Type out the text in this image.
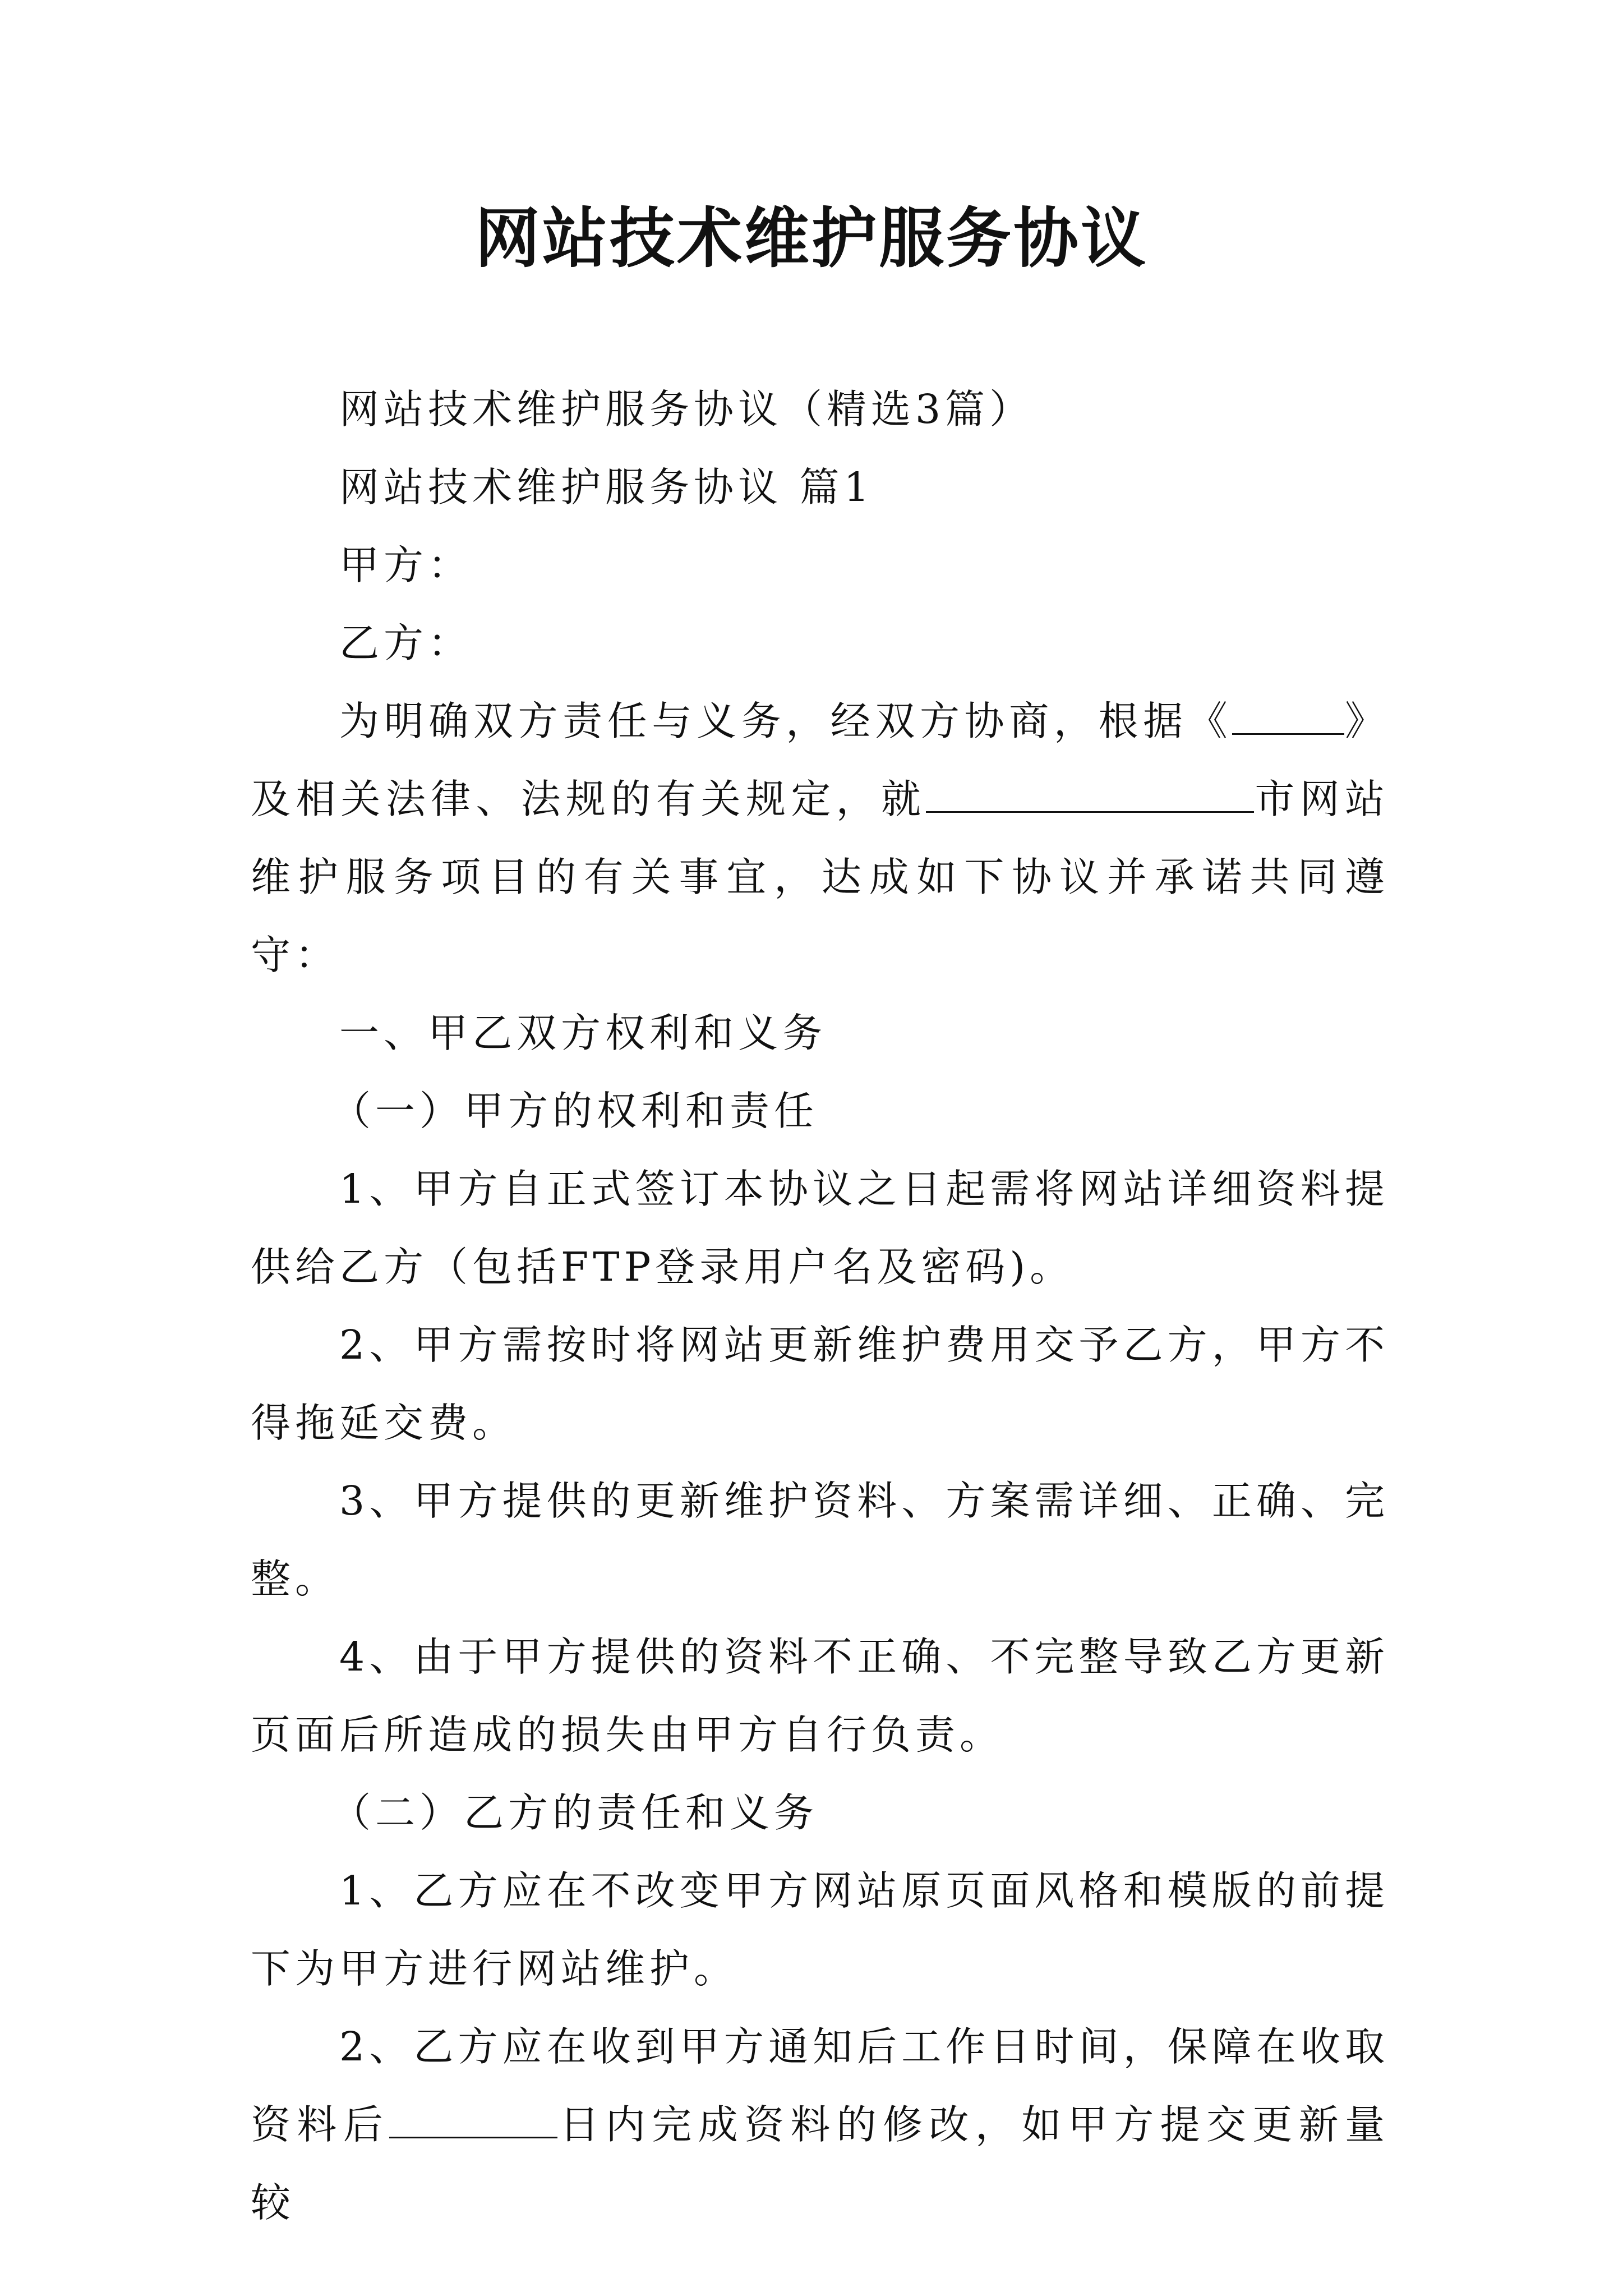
网站技术维护服务协议

网站技术维护服务协议（精选3篇）

网站技术维护服务协议 篇1

甲方：

乙方：

为明确双方责任与义务，经双方协商，根据《	》及相关法律、法规的有关规定，就	市网站维护服务项目的有关事宜，达成如下协议并承诺共同遵守：

一、甲乙双方权利和义务

（一）甲方的权利和责任

1、甲方自正式签订本协议之日起需将网站详细资料提供给乙方（包括FTP登录用户名及密码)。

2、甲方需按时将网站更新维护费用交予乙方，甲方不得拖延交费。

3、甲方提供的更新维护资料、方案需详细、正确、完整。

4、由于甲方提供的资料不正确、不完整导致乙方更新页面后所造成的损失由甲方自行负责。

（二）乙方的责任和义务

1、乙方应在不改变甲方网站原页面风格和模版的前提下为甲方进行网站维护。

2、乙方应在收到甲方通知后工作日时间，保障在收取资料后	日内完成资料的修改，如甲方提交更新量较
